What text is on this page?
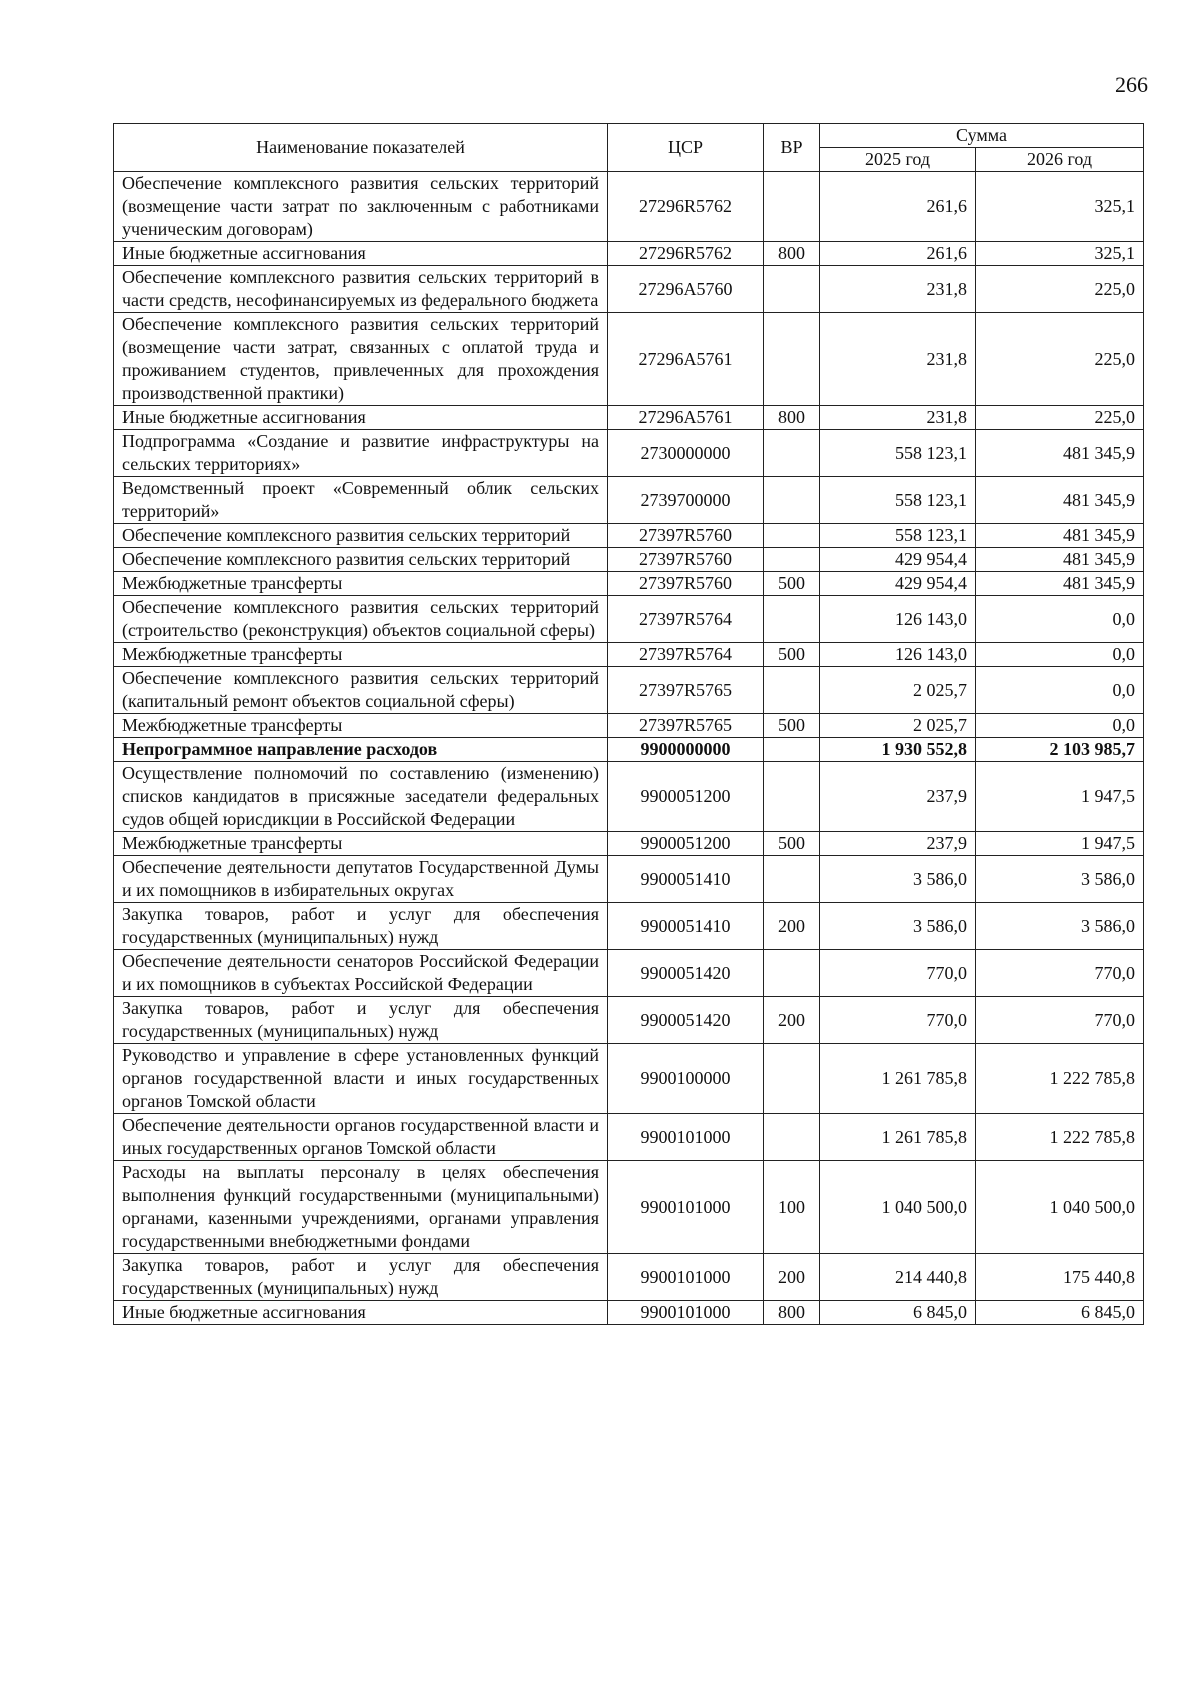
266
Наименование показателей	ЦСР	ВР	Сумма	
			2025 год	2026 год
Обеспечение комплексного развития сельских территорий (возмещение части затрат по заключенным с работниками ученическим договорам)	27296R5762		261,6	325,1
Иные бюджетные ассигнования	27296R5762	800	261,6	325,1
Обеспечение комплексного развития сельских территорий в части средств, несофинансируемых из федерального бюджета	27296А5760		231,8	225,0
Обеспечение комплексного развития сельских территорий (возмещение части затрат, связанных с оплатой труда и проживанием студентов, привлеченных для прохождения производственной практики)	27296А5761		231,8	225,0
Иные бюджетные ассигнования	27296А5761	800	231,8	225,0
Подпрограмма «Создание и развитие инфраструктуры на сельских территориях»	2730000000		558 123,1	481 345,9
Ведомственный проект «Современный облик сельских территорий»	2739700000		558 123,1	481 345,9
Обеспечение комплексного развития сельских территорий	27397R5760		558 123,1	481 345,9
Обеспечение комплексного развития сельских территорий	27397R5760		429 954,4	481 345,9
Межбюджетные трансферты	27397R5760	500	429 954,4	481 345,9
Обеспечение комплексного развития сельских территорий (строительство (реконструкция) объектов социальной сферы)	27397R5764		126 143,0	0,0
Межбюджетные трансферты	27397R5764	500	126 143,0	0,0
Обеспечение комплексного развития сельских территорий (капитальный ремонт объектов социальной сферы)	27397R5765		2 025,7	0,0
Межбюджетные трансферты	27397R5765	500	2 025,7	0,0
Непрограммное направление расходов	9900000000		1 930 552,8	2 103 985,7
Осуществление полномочий по составлению (изменению) списков кандидатов в присяжные заседатели федеральных судов общей юрисдикции в Российской Федерации	9900051200		237,9	1 947,5
Межбюджетные трансферты	9900051200	500	237,9	1 947,5
Обеспечение деятельности депутатов Государственной Думы и их помощников в избирательных округах	9900051410		3 586,0	3 586,0
Закупка товаров, работ и услуг для обеспечения государственных (муниципальных) нужд	9900051410	200	3 586,0	3 586,0
Обеспечение деятельности сенаторов Российской Федерации и их помощников в субъектах Российской Федерации	9900051420		770,0	770,0
Закупка товаров, работ и услуг для обеспечения государственных (муниципальных) нужд	9900051420	200	770,0	770,0
Руководство и управление в сфере установленных функций органов государственной власти и иных государственных органов Томской области	9900100000		1 261 785,8	1 222 785,8
Обеспечение деятельности органов государственной власти и иных государственных органов Томской области	9900101000		1 261 785,8	1 222 785,8
Расходы на выплаты персоналу в целях обеспечения выполнения функций государственными (муниципальными) органами, казенными учреждениями, органами управления государственными внебюджетными фондами	9900101000	100	1 040 500,0	1 040 500,0
Закупка товаров, работ и услуг для обеспечения государственных (муниципальных) нужд	9900101000	200	214 440,8	175 440,8
Иные бюджетные ассигнования	9900101000	800	6 845,0	6 845,0
